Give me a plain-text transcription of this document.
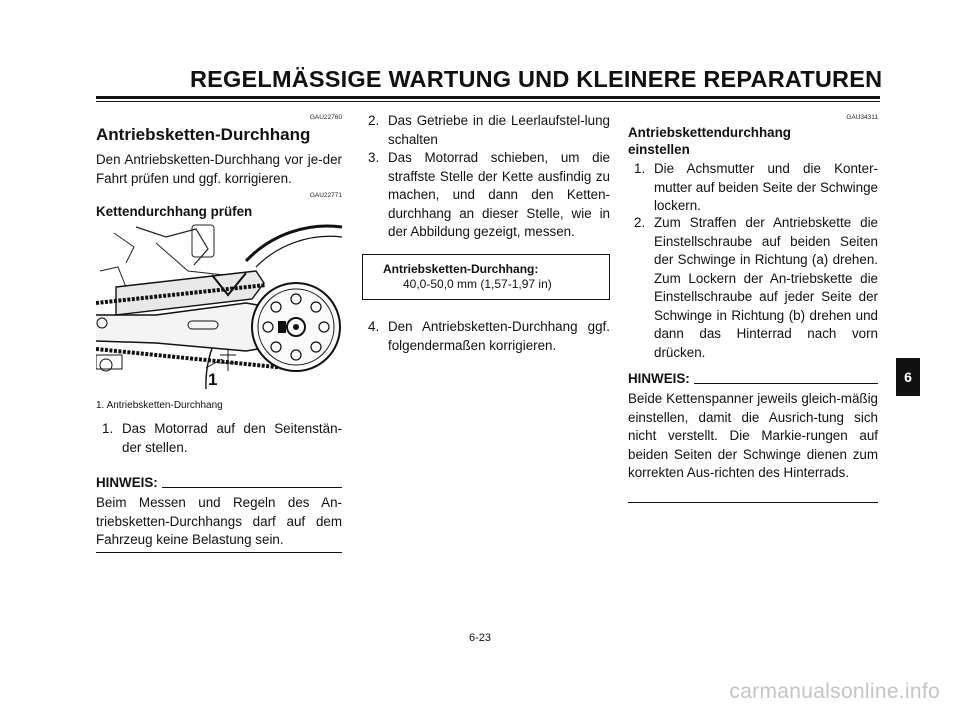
REGELMÄSSIGE WARTUNG UND KLEINERE REPARATUREN
GAU22760
Antriebsketten-Durchhang
Den Antriebsketten-Durchhang vor je-der Fahrt prüfen und ggf. korrigieren.
GAU22771
Kettendurchhang prüfen
1
1. Antriebsketten-Durchhang
1. Das Motorrad auf den Seitenstän-der stellen.
HINWEIS:
Beim Messen und Regeln des An-triebsketten-Durchhangs darf auf dem Fahrzeug keine Belastung sein.
2. Das Getriebe in die Leerlaufstel-lung schalten
3. Das Motorrad schieben, um die straffste Stelle der Kette ausfindig zu machen, und dann den Ketten-durchhang an dieser Stelle, wie in der Abbildung gezeigt, messen.
Antriebsketten-Durchhang:
40,0-50,0 mm (1,57-1,97 in)
4. Den Antriebsketten-Durchhang ggf. folgendermaßen korrigieren.
GAU34311
Antriebskettendurchhang
einstellen
1. Die Achsmutter und die Konter-mutter auf beiden Seite der Schwinge lockern.
2. Zum Straffen der Antriebskette die Einstellschraube auf beiden Seiten der Schwinge in Richtung (a) drehen. Zum Lockern der An-triebskette die Einstellschraube auf jeder Seite der Schwinge in Richtung (b) drehen und dann das Hinterrad nach vorn drücken.
HINWEIS:
Beide Kettenspanner jeweils gleich-mäßig einstellen, damit die Ausrich-tung sich nicht verstellt. Die Markie-rungen auf beiden Seiten der Schwinge dienen zum korrekten Aus-richten des Hinterrads.
6
6-23
carmanualsonline.info
